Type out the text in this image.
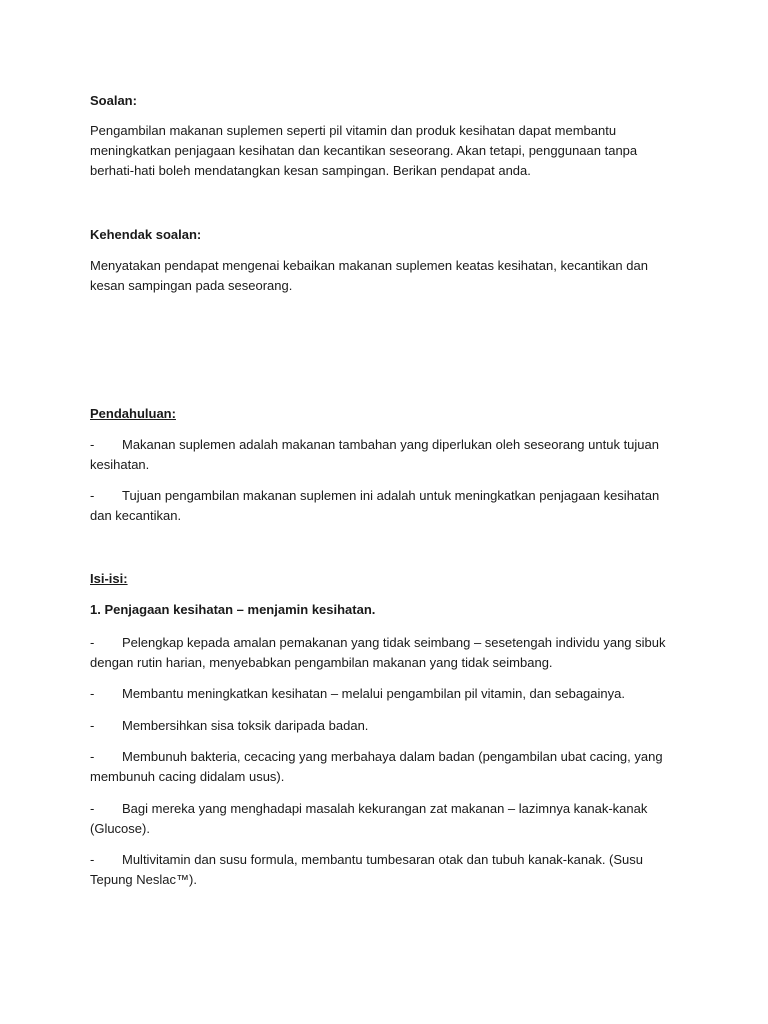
Soalan:

Pengambilan makanan suplemen seperti pil vitamin dan produk kesihatan dapat membantu meningkatkan penjagaan kesihatan dan kecantikan seseorang. Akan tetapi, penggunaan tanpa berhati-hati boleh mendatangkan kesan sampingan. Berikan pendapat anda.

Kehendak soalan:

Menyatakan pendapat mengenai kebaikan makanan suplemen keatas kesihatan, kecantikan dan kesan sampingan pada seseorang.

Pendahuluan:

- Makanan suplemen adalah makanan tambahan yang diperlukan oleh seseorang untuk tujuan kesihatan.
- Tujuan pengambilan makanan suplemen ini adalah untuk meningkatkan penjagaan kesihatan dan kecantikan.

Isi-isi:

1. Penjagaan kesihatan – menjamin kesihatan.

- Pelengkap kepada amalan pemakanan yang tidak seimbang – sesetengah individu yang sibuk dengan rutin harian, menyebabkan pengambilan makanan yang tidak seimbang.
- Membantu meningkatkan kesihatan – melalui pengambilan pil vitamin, dan sebagainya.
- Membersihkan sisa toksik daripada badan.
- Membunuh bakteria, cecacing yang merbahaya dalam badan (pengambilan ubat cacing, yang membunuh cacing didalam usus).
- Bagi mereka yang menghadapi masalah kekurangan zat makanan – lazimnya kanak-kanak (Glucose).
- Multivitamin dan susu formula, membantu tumbesaran otak dan tubuh kanak-kanak. (Susu Tepung Neslac™).
